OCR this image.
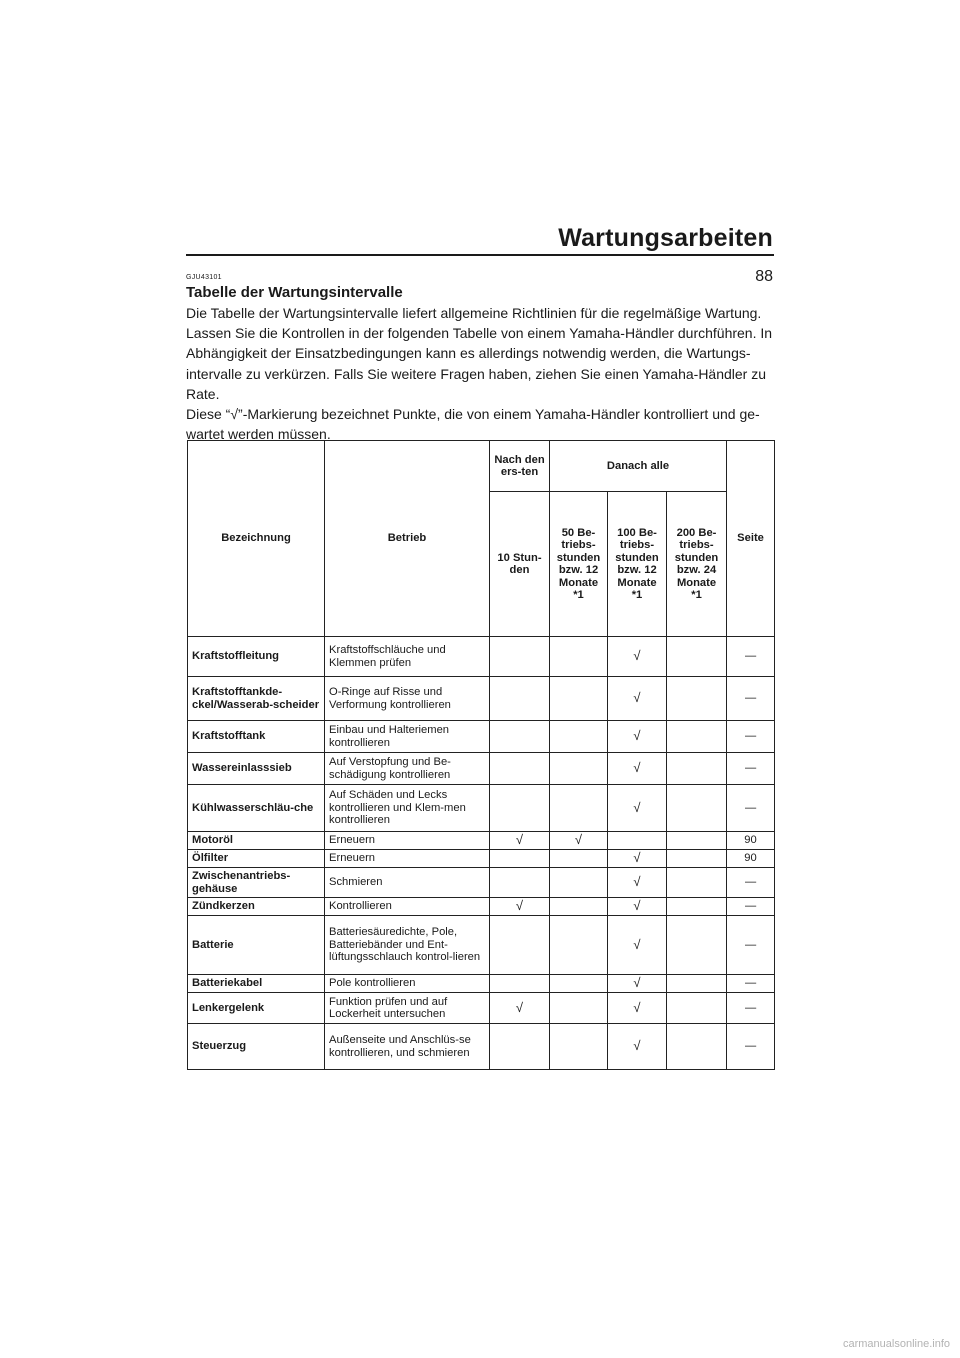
Wartungsarbeiten
88
GJU43101
Tabelle der Wartungsintervalle

Die Tabelle der Wartungsintervalle liefert allgemeine Richtlinien für die regelmäßige Wartung. Lassen Sie die Kontrollen in der folgenden Tabelle von einem Yamaha-Händler durchführen. In Abhängigkeit der Einsatzbedingungen kann es allerdings notwendig werden, die Wartungs-intervalle zu verkürzen. Falls Sie weitere Fragen haben, ziehen Sie einen Yamaha-Händler zu Rate.

Diese “√”-Markierung bezeichnet Punkte, die von einem Yamaha-Händler kontrolliert und ge-wartet werden müssen.

Bezeichnung	Betrieb	Nach den ers-ten	Danach alle			Seite
		10 Stun-den	50 Be-triebs-stunden bzw. 12 Monate *1	100 Be-triebs-stunden bzw. 12 Monate *1	200 Be-triebs-stunden bzw. 24 Monate *1	
Kraftstoffleitung	Kraftstoffschläuche und Klemmen prüfen			√		—
Kraftstofftankde-ckel/Wasserab-scheider	O-Ringe auf Risse und Verformung kontrollieren			√		—
Kraftstofftank	Einbau und Halteriemen kontrollieren			√		—
Wassereinlasssieb	Auf Verstopfung und Be-schädigung kontrollieren			√		—
Kühlwasserschläu-che	Auf Schäden und Lecks kontrollieren und Klem-men kontrollieren			√		—
Motoröl	Erneuern	√	√			90
Ölfilter	Erneuern			√		90
Zwischenantriebs-gehäuse	Schmieren			√		—
Zündkerzen	Kontrollieren	√		√		—
Batterie	Batteriesäuredichte, Pole, Batteriebänder und Ent-lüftungsschlauch kontrol-lieren			√		—
Batteriekabel	Pole kontrollieren			√		—
Lenkergelenk	Funktion prüfen und auf Lockerheit untersuchen	√		√		—
Steuerzug	Außenseite und Anschlüs-se kontrollieren, und schmieren			√		—
carmanualsonline.info
